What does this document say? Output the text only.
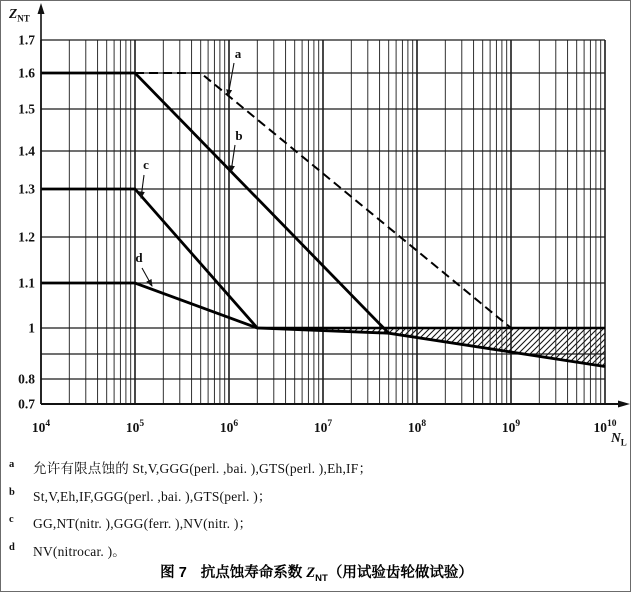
1.7
1.6
1.5
1.4
1.3
1.2
1.1
1
0.8
0.7
$10^4$	$10^5$	$10^6$	$10^7$	$10^8$	$10^9$	$10^{10}$
$Z_{NT}$
$N_L$
a
b
c
d
a	允许有限点蚀的 St,V,GGG(perl. ,bai. ),GTS(perl. ),Eh,IF；
b	St,V,Eh,IF,GGG(perl. ,bai. ),GTS(perl. )；
c	GG,NT(nitr. ),GGG(ferr. ),NV(nitr. )；
d	NV(nitrocar. )。
图 7 抗点蚀寿命系数 $Z_{NT}$（用试验齿轮做试验）
